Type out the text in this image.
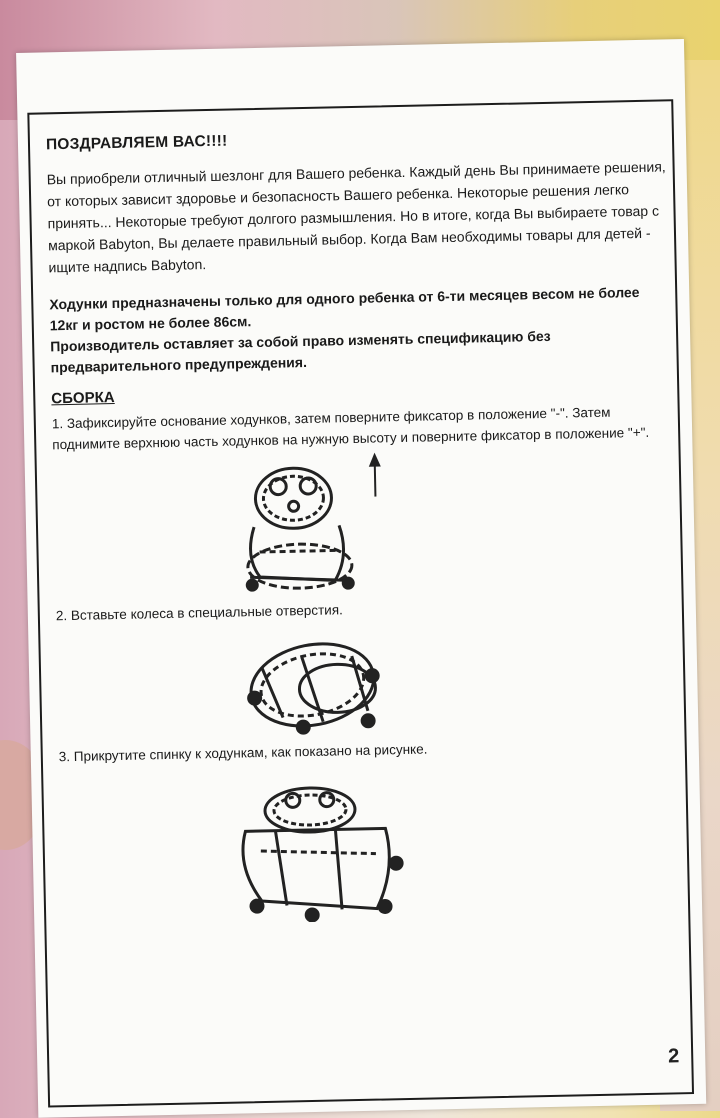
ПОЗДРАВЛЯЕМ ВАС!!!!
Вы приобрели отличный шезлонг для Вашего ребенка. Каждый день Вы принимаете решения, от которых зависит здоровье и безопасность Вашего ребенка. Некоторые решения легко принять... Некоторые требуют долгого размышления. Но в итоге, когда Вы выбираете товар с маркой Babyton, Вы делаете правильный выбор. Когда Вам необходимы товары для детей - ищите надпись Babyton.

Ходунки предназначены только для одного ребенка от 6-ти месяцев весом не более 12кг и ростом не более 86см.

Производитель оставляет за собой право изменять спецификацию без предварительного предупреждения.

СБОРКА
1. Зафиксируйте основание ходунков, затем поверните фиксатор в положение "-". Затем поднимите верхнюю часть ходунков на нужную высоту и поверните фиксатор в положение "+".
2. Вставьте колеса в специальные отверстия.
3. Прикрутите спинку к ходункам, как показано на рисунке.
2
